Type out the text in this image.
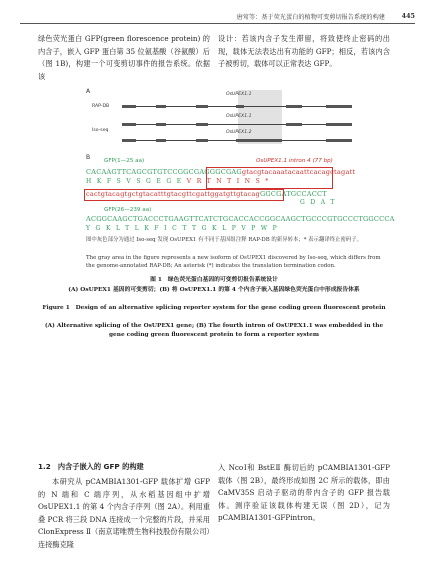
唐莺等：基于荧光蛋白的植物可变剪切报告系统的构建	445

绿色荧光蛋白 GFP(green florescence protein) 的内含子，嵌入 GFP 蛋白第 35 位氨基酸（谷氨酸）后（图 1B)，构建一个可变剪切事件的报告系统。依据该

设计：若该内含子发生滞留，将致使终止密码的出现，载体无法表达出有功能的 GFP；相反，若该内含子被剪切，载体可以正常表达 GFP。

A
RAP-DB
OsUPEX1.1
Iso-seq
OsUPEX1.1
OsUPEX1.2
B GFP(1—25 aa)	OsUPEX1.1 intron 4 (77 bp)
CACAAGTTCAGCGTGTCCGGCGAGGGCGAGgtacgtacaaatacaattcacagctagatt
HKFSVSGEGEVRTNTINS*
cactgtacagtgctgtacatttgtacgttcgattggatgttgtacagGGCGATGCCACCT
GDAT
GFP(26—239 aa)
ACGGCAAGCTGACCCTGAAGTTCATCTGCACCACCGGCAAGCTGCCCGTGCCCTGGCCCA
YGKLTLKFICTTGKLPVPWP
图中灰色部分为通过 Iso-seq 发现 OsUPEX1 有不同于基因组注释 RAP-DB 的新异转本；* 表示翻译终止密码子。
The gray area in the figure represents a new isoform of OsUPEX1 discovered by Iso-seq, which differs from the genome-annotated RAP-DB; An asterisk (*) indicates the translation termination codon.
图 1　绿色荧光蛋白基因的可变剪切报告系统设计
(A) OsUPEX1 基因的可变剪切；(B) 将 OsUPEX1.1 的第 4 个内含子嵌入基因绿色荧光蛋白中形成报告体系
Figure 1　Design of an alternative splicing reporter system for the gene coding green fluorescent protein
(A) Alternative splicing of the OsUPEX1 gene; (B) The fourth intron of OsUPEX1.1 was embedded in the gene coding green fluorescent protein to form a reporter system
1.2　内含子嵌入的 GFP 的构建

本研究从 pCAMBIA1301-GFP 载体扩增 GFP 的 N 端和 C 端序列，从水稻基因组中扩增 OsUPEX1.1 的第 4 个内含子序列（图 2A）。利用重叠 PCR 将三段 DNA 连接成一个完整的片段，并采用 ClonExpress Ⅱ（南京诺唯赞生物科技股份有限公司）连接酶克隆

入 NcoⅠ和 BstEⅡ 酶切后的 pCAMBIA1301-GFP 载体（图 2B），最终形成如图 2C 所示的载体，即由 CaMV35S 启动子驱动的带内含子的 GFP 报告载体。测序验证该载体构建无误（图 2D），记为 pCAMBIA1301-GFPintron。
